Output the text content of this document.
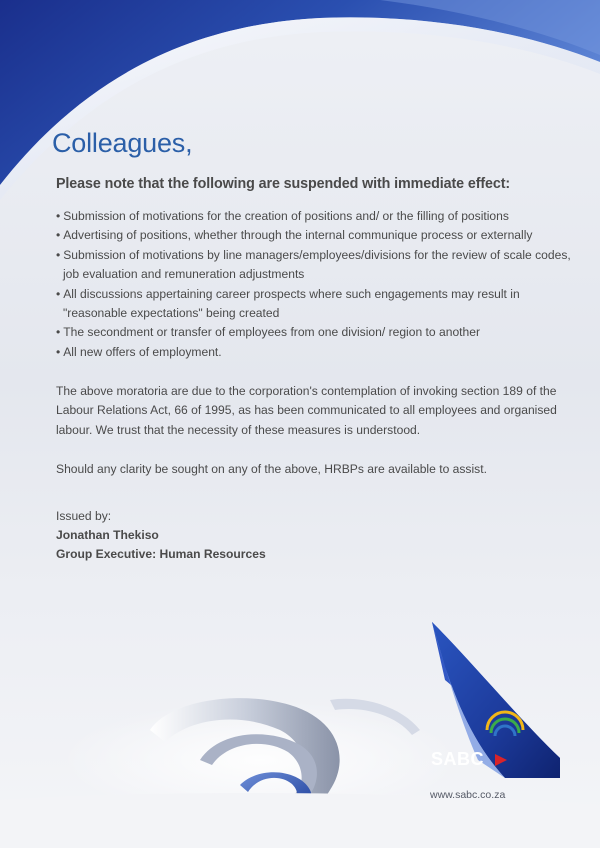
Colleagues,

Please note that the following are suspended with immediate effect:

• Submission of motivations for the creation of positions and/ or the filling of positions
• Advertising of positions, whether through the internal communique process or externally
• Submission of motivations by line managers/employees/divisions for the review of scale codes, job evaluation and remuneration adjustments
• All discussions appertaining career prospects where such engagements may result in "reasonable expectations" being created
• The secondment or transfer of employees from one division/ region to another
• All new offers of employment.

The above moratoria are due to the corporation's contemplation of invoking section 189 of the Labour Relations Act, 66 of 1995, as has been communicated to all employees and organised labour. We trust that the necessity of these measures is understood.

Should any clarity be sought on any of the above, HRBPs are available to assist.

Issued by:

Jonathan Thekiso

Group Executive: Human Resources

SABC
www.sabc.co.za
